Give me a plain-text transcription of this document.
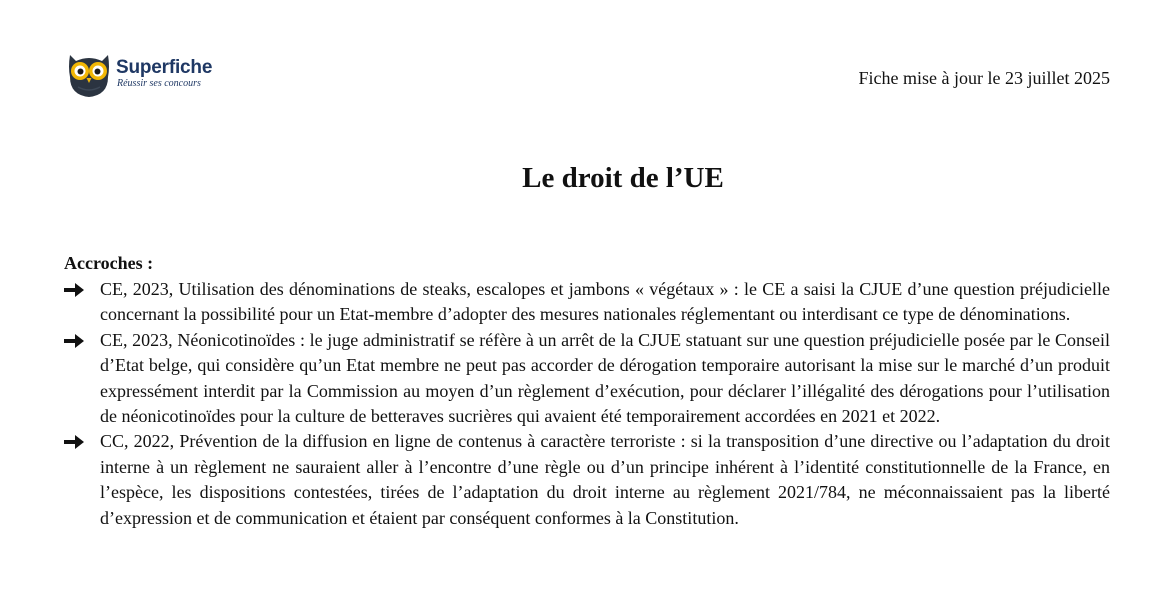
Superfiche
Réussir ses concours	Fiche mise à jour le 23 juillet 2025
Le droit de l’UE
Accroches :
CE, 2023, Utilisation des dénominations de steaks, escalopes et jambons « végétaux » : le CE a saisi la CJUE d’une question préjudicielle concernant la possibilité pour un Etat-membre d’adopter des mesures nationales réglementant ou interdisant ce type de dénominations.
CE, 2023, Néonicotinoïdes : le juge administratif se réfère à un arrêt de la CJUE statuant sur une question préjudicielle posée par le Conseil d’Etat belge, qui considère qu’un Etat membre ne peut pas accorder de dérogation temporaire autorisant la mise sur le marché d’un produit expressément interdit par la Commission au moyen d’un règlement d’exécution, pour déclarer l’illégalité des dérogations pour l’utilisation de néonicotinoïdes pour la culture de betteraves sucrières qui avaient été temporairement accordées en 2021 et 2022.
CC, 2022, Prévention de la diffusion en ligne de contenus à caractère terroriste : si la transposition d’une directive ou l’adaptation du droit interne à un règlement ne sauraient aller à l’encontre d’une règle ou d’un principe inhérent à l’identité constitutionnelle de la France, en l’espèce, les dispositions contestées, tirées de l’adaptation du droit interne au règlement 2021/784, ne méconnaissaient pas la liberté d’expression et de communication et étaient par conséquent conformes à la Constitution.
